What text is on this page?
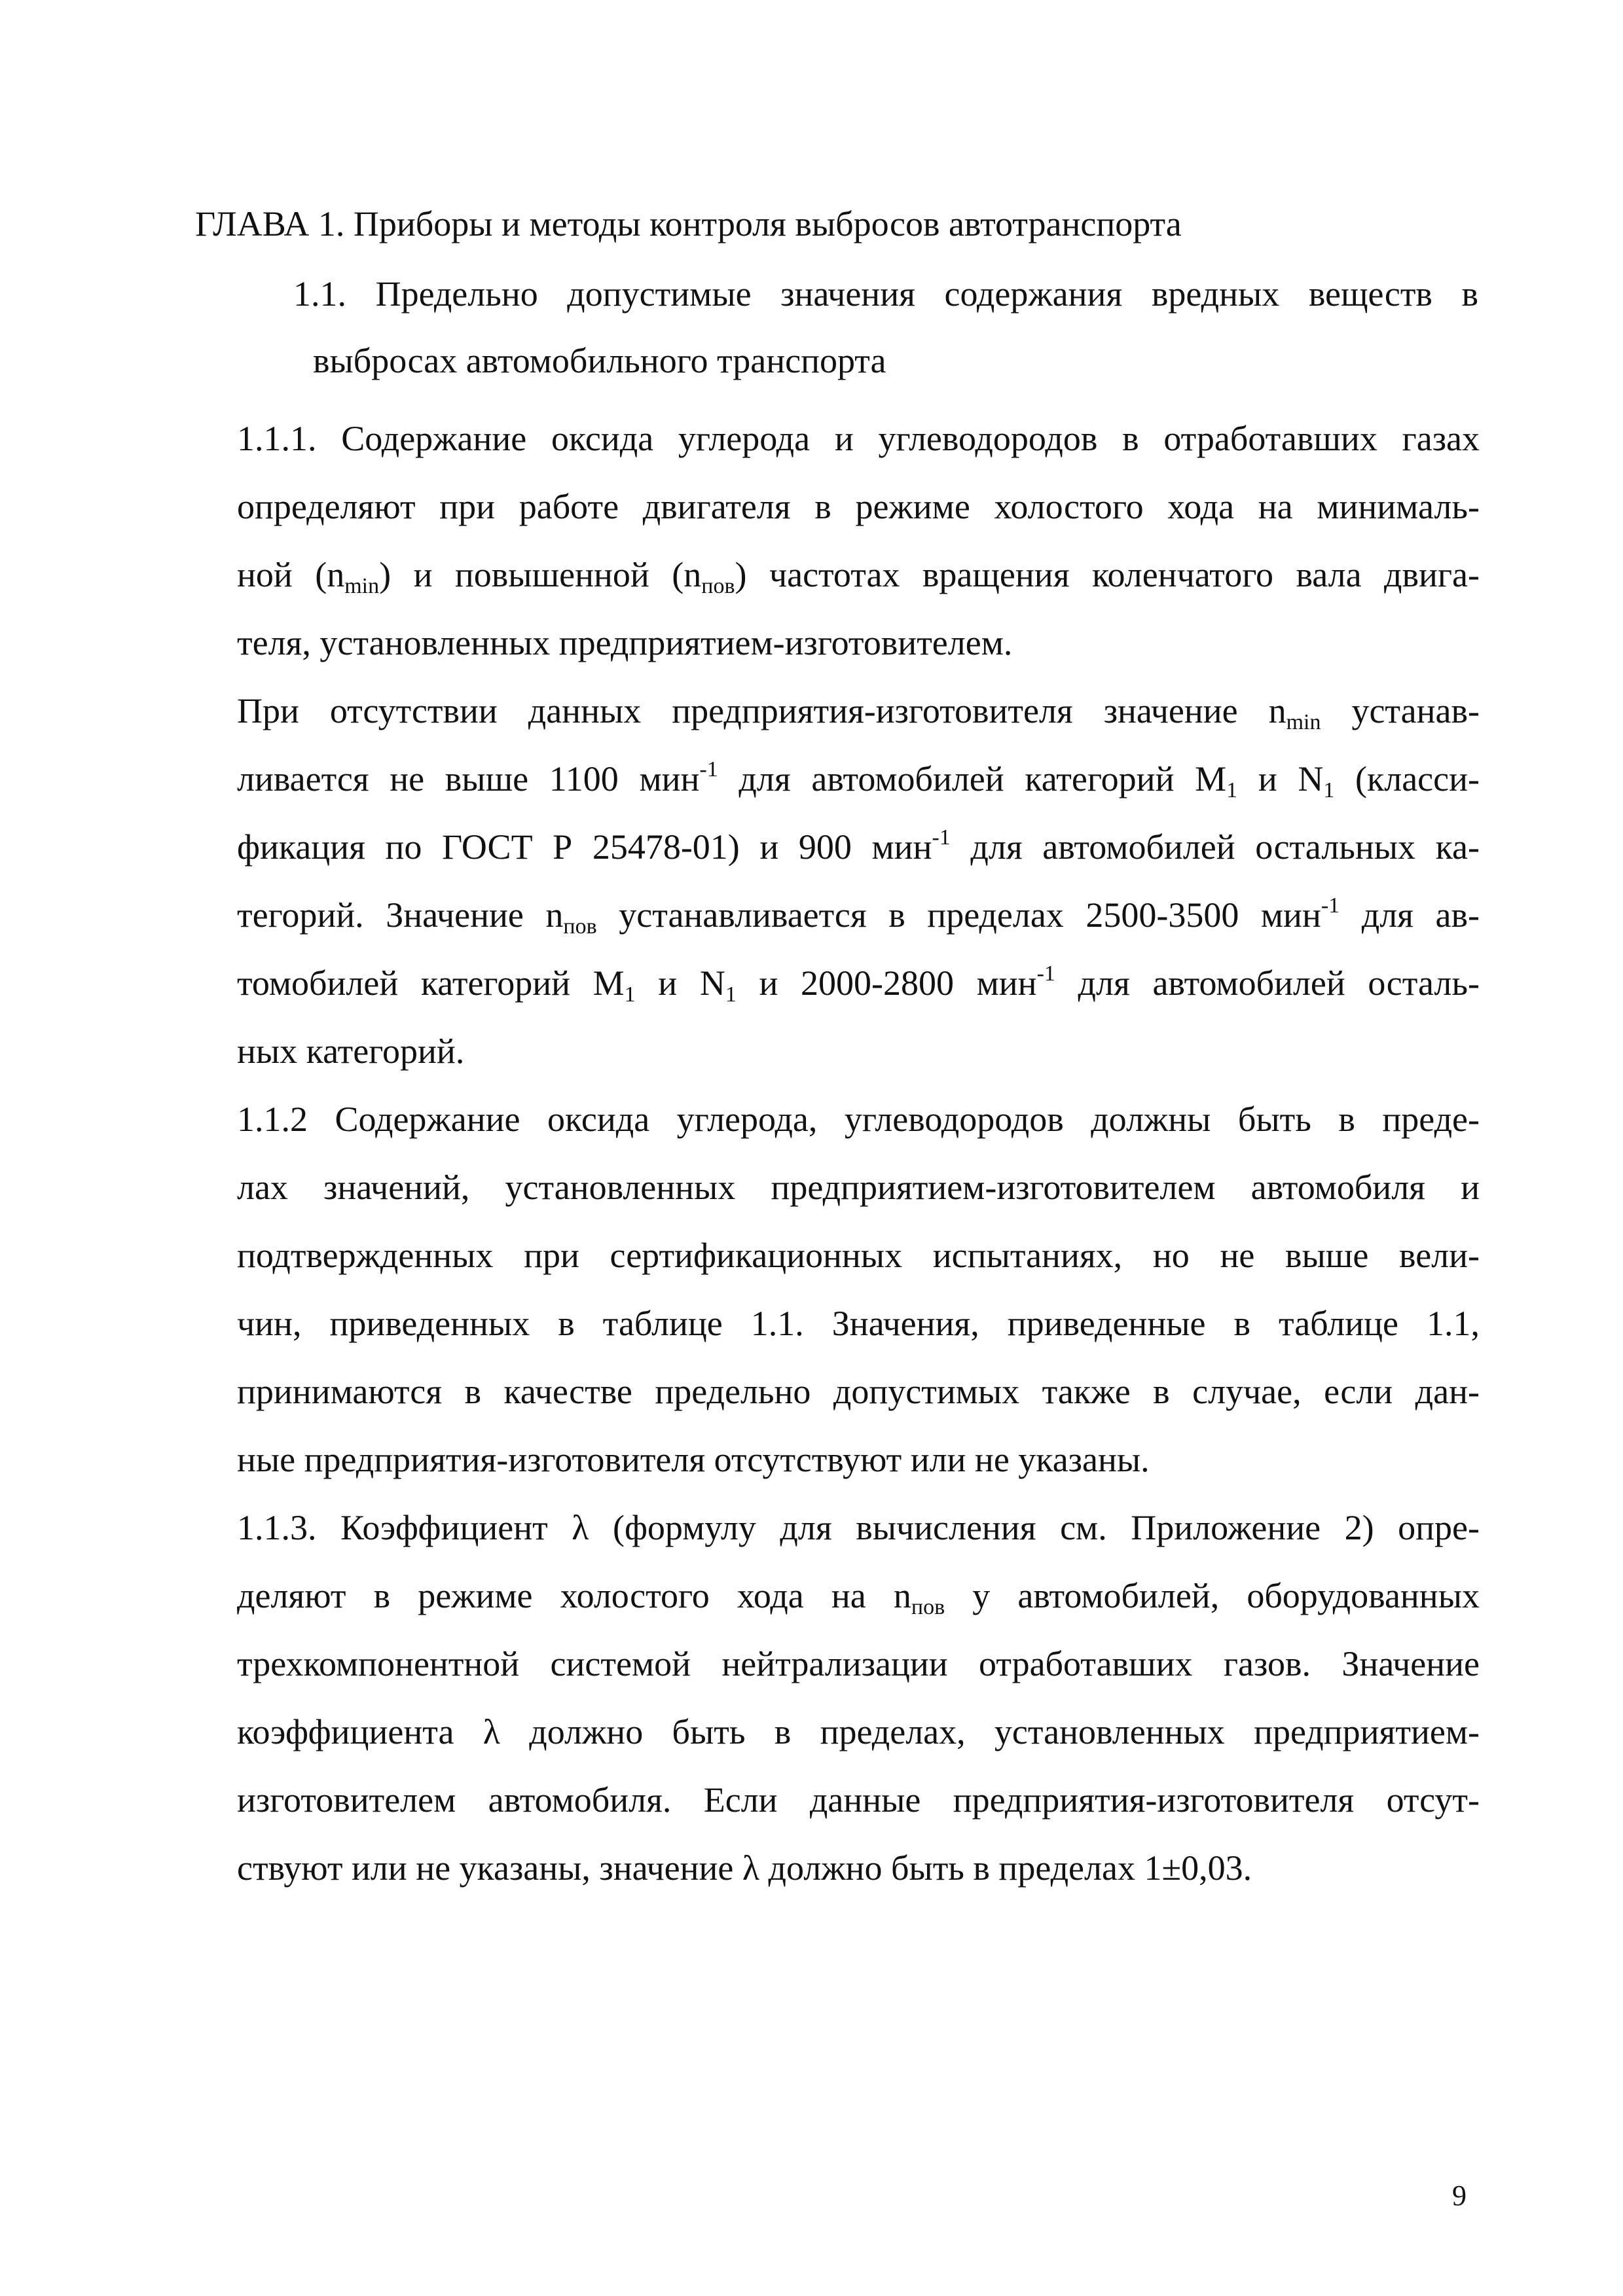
ГЛАВА 1. Приборы и методы контроля выбросов автотранспорта
1.1. Предельно допустимые значения содержания вредных веществ в
выбросах автомобильного транспорта
1.1.1. Содержание оксида углерода и углеводородов в отработавших газах
определяют при работе двигателя в режиме холостого хода на минималь-
ной $(n_{min})$ и повышенной $(n_{пов})$ частотах вращения коленчатого вала двига-
теля, установленных предприятием-изготовителем.
При отсутствии данных предприятия-изготовителя значение $n_{min}$ устанав-
ливается не выше 1100 мин$^{-1}$ для автомобилей категорий $M_1$ и $N_1$ (класси-
фикация по ГОСТ Р 25478-01) и 900 мин$^{-1}$ для автомобилей остальных ка-
тегорий. Значение $n_{пов}$ устанавливается в пределах 2500-3500 мин$^{-1}$ для ав-
томобилей категорий $M_1$ и $N_1$ и 2000-2800 мин$^{-1}$ для автомобилей осталь-
ных категорий.
1.1.2 Содержание оксида углерода, углеводородов должны быть в преде-
лах значений, установленных предприятием-изготовителем автомобиля и
подтвержденных при сертификационных испытаниях, но не выше вели-
чин, приведенных в таблице 1.1. Значения, приведенные в таблице 1.1,
принимаются в качестве предельно допустимых также в случае, если дан-
ные предприятия-изготовителя отсутствуют или не указаны.
1.1.3. Коэффициент λ (формулу для вычисления см. Приложение 2) опре-
деляют в режиме холостого хода на $n_{пов}$ у автомобилей, оборудованных
трехкомпонентной системой нейтрализации отработавших газов. Значение
коэффициента λ должно быть в пределах, установленных предприятием-
изготовителем автомобиля. Если данные предприятия-изготовителя отсут-
ствуют или не указаны, значение λ должно быть в пределах 1±0,03.
9
